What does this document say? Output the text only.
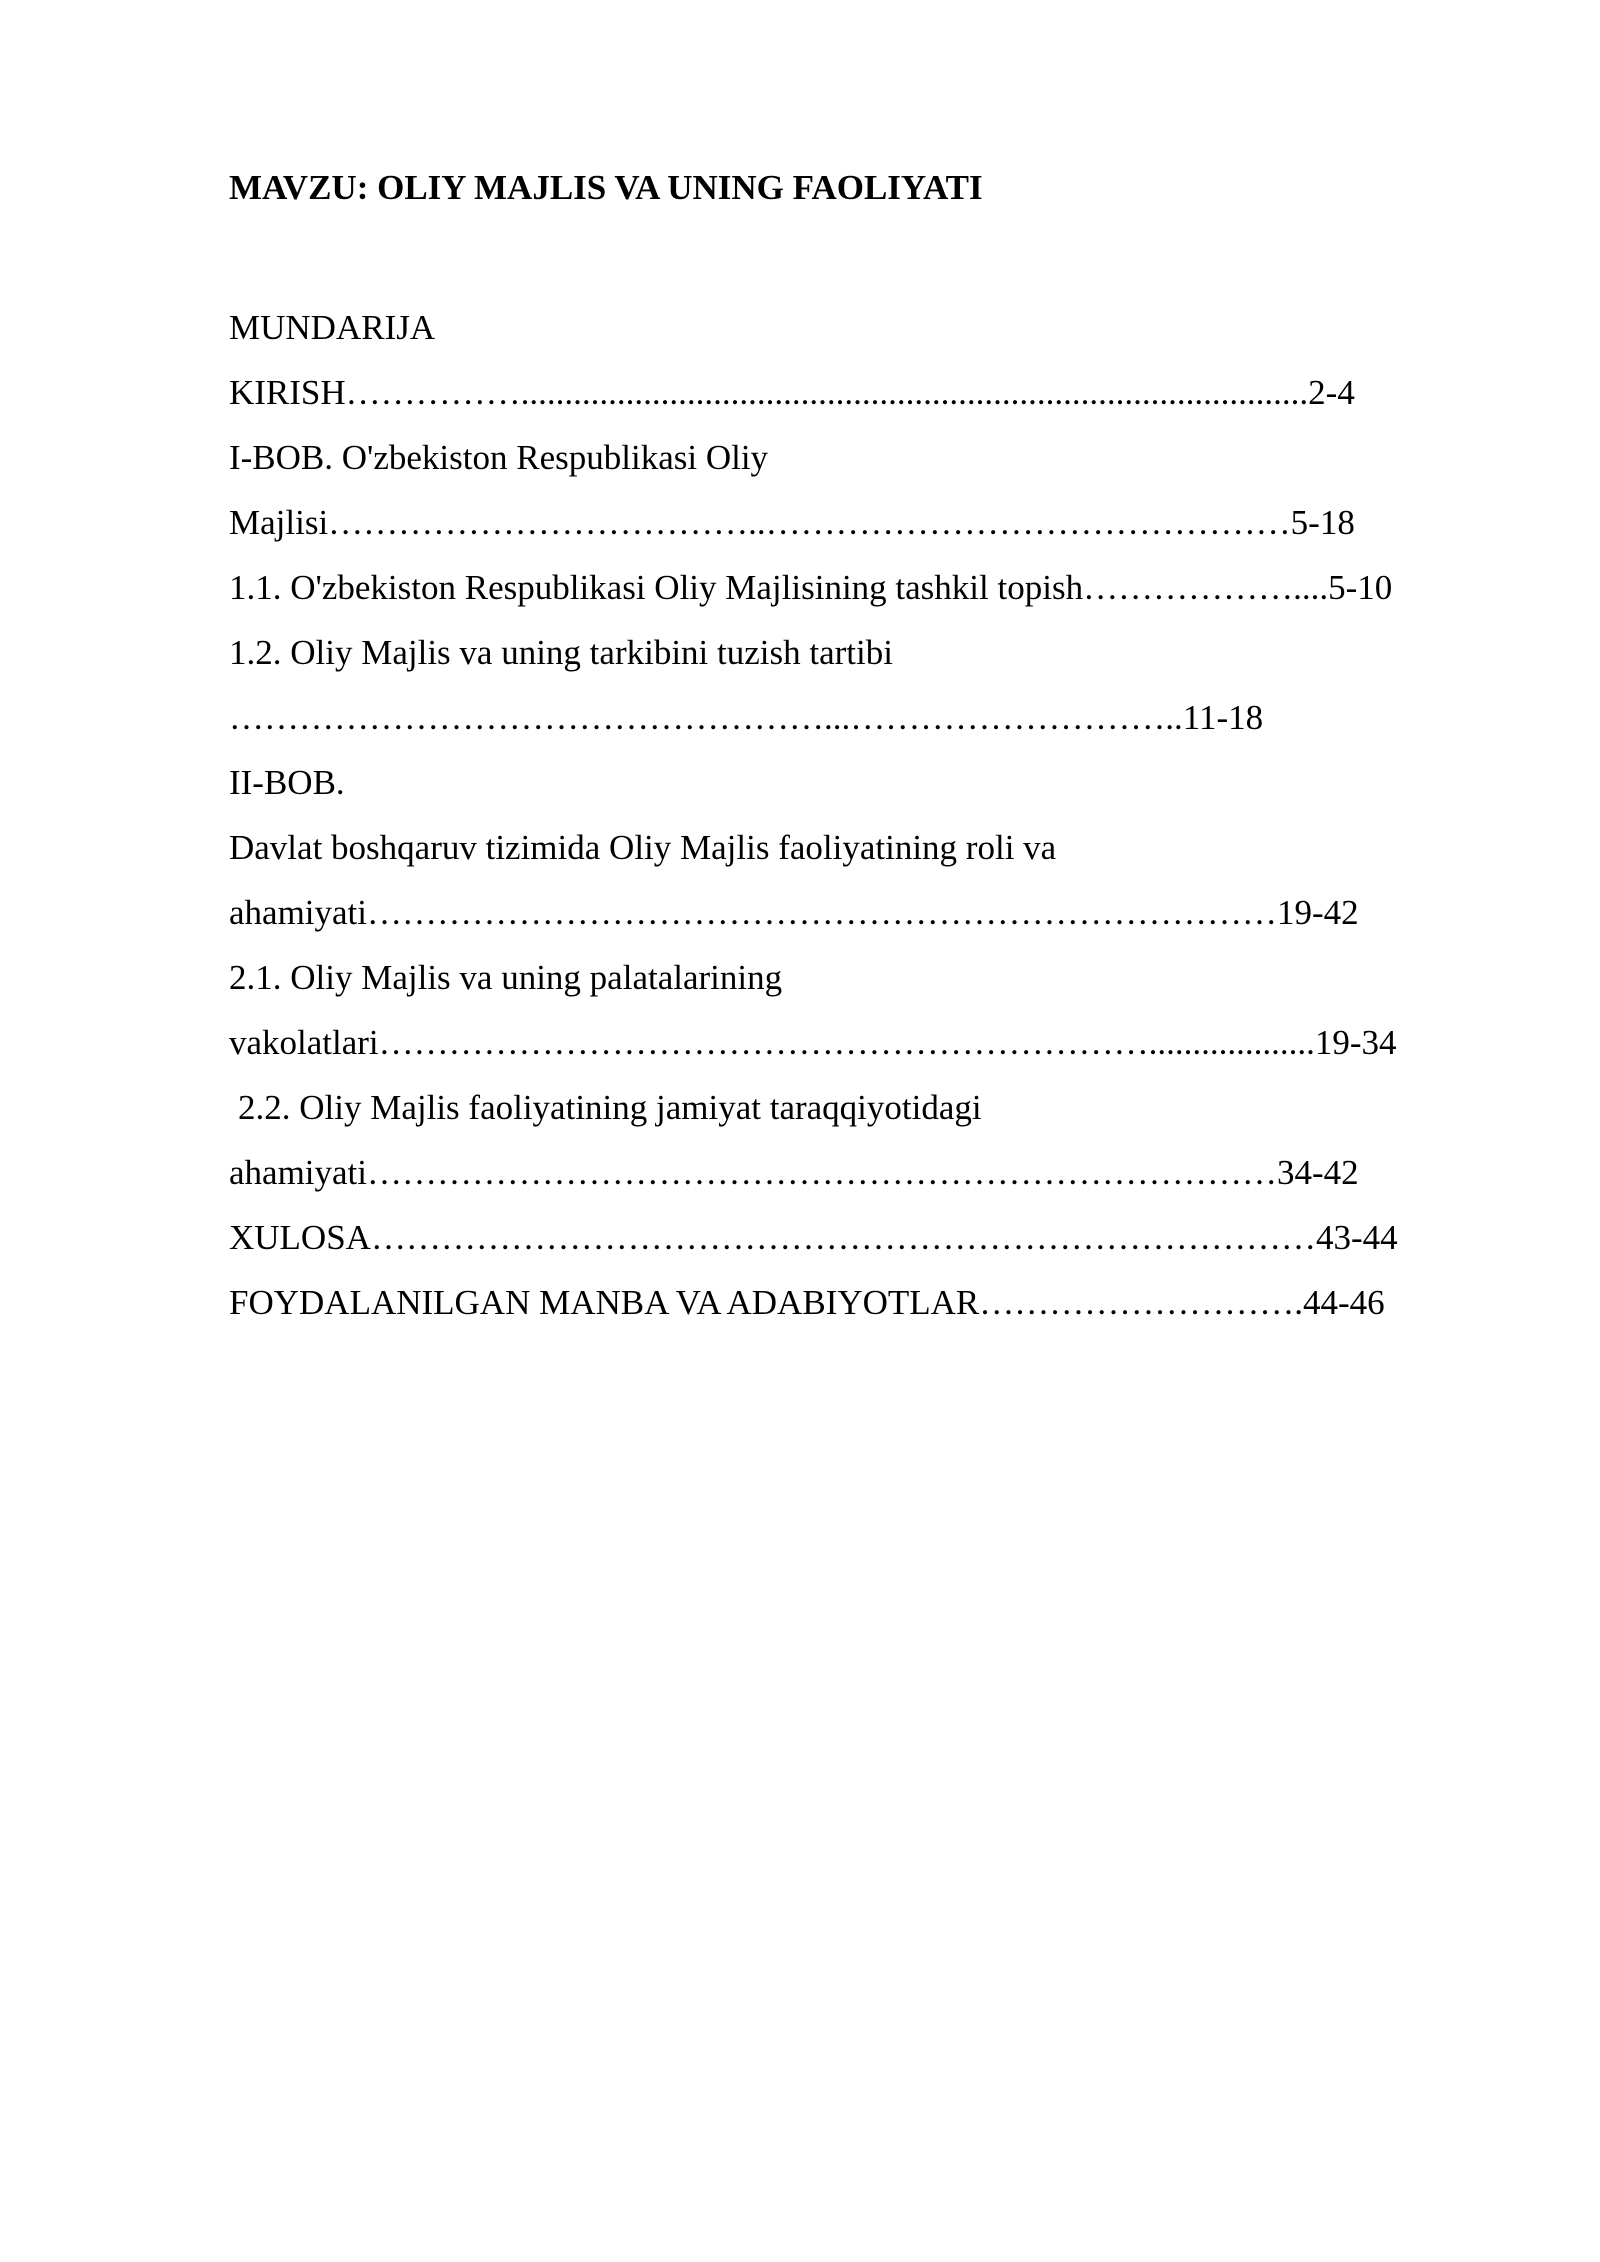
MAVZU: OLIY MAJLIS VA UNING FAOLIYATI
MUNDARIJA
KIRISH……………..........................................................................................2-4
I-BOB. O'zbekiston Respublikasi Oliy
Majlisi………………………………..………………………………………5-18
1.1. O'zbekiston Respublikasi Oliy Majlisining tashkil topish………………....5-10
1.2. Oliy Majlis va uning tarkibini tuzish tartibi
……………………………………………...………………………..11-18
II-BOB.
Davlat boshqaruv tizimida Oliy Majlis faoliyatining roli va
ahamiyati……………………………………………………………………19-42
2.1. Oliy Majlis va uning palatalarining
vakolatlari…………………………………………………………...................19-34
2.2. Oliy Majlis faoliyatining jamiyat taraqqiyotidagi
ahamiyati……………………………………………………………………34-42
XULOSA………………………………………………………………………43-44
FOYDALANILGAN MANBA VA ADABIYOTLAR……………………….44-46
